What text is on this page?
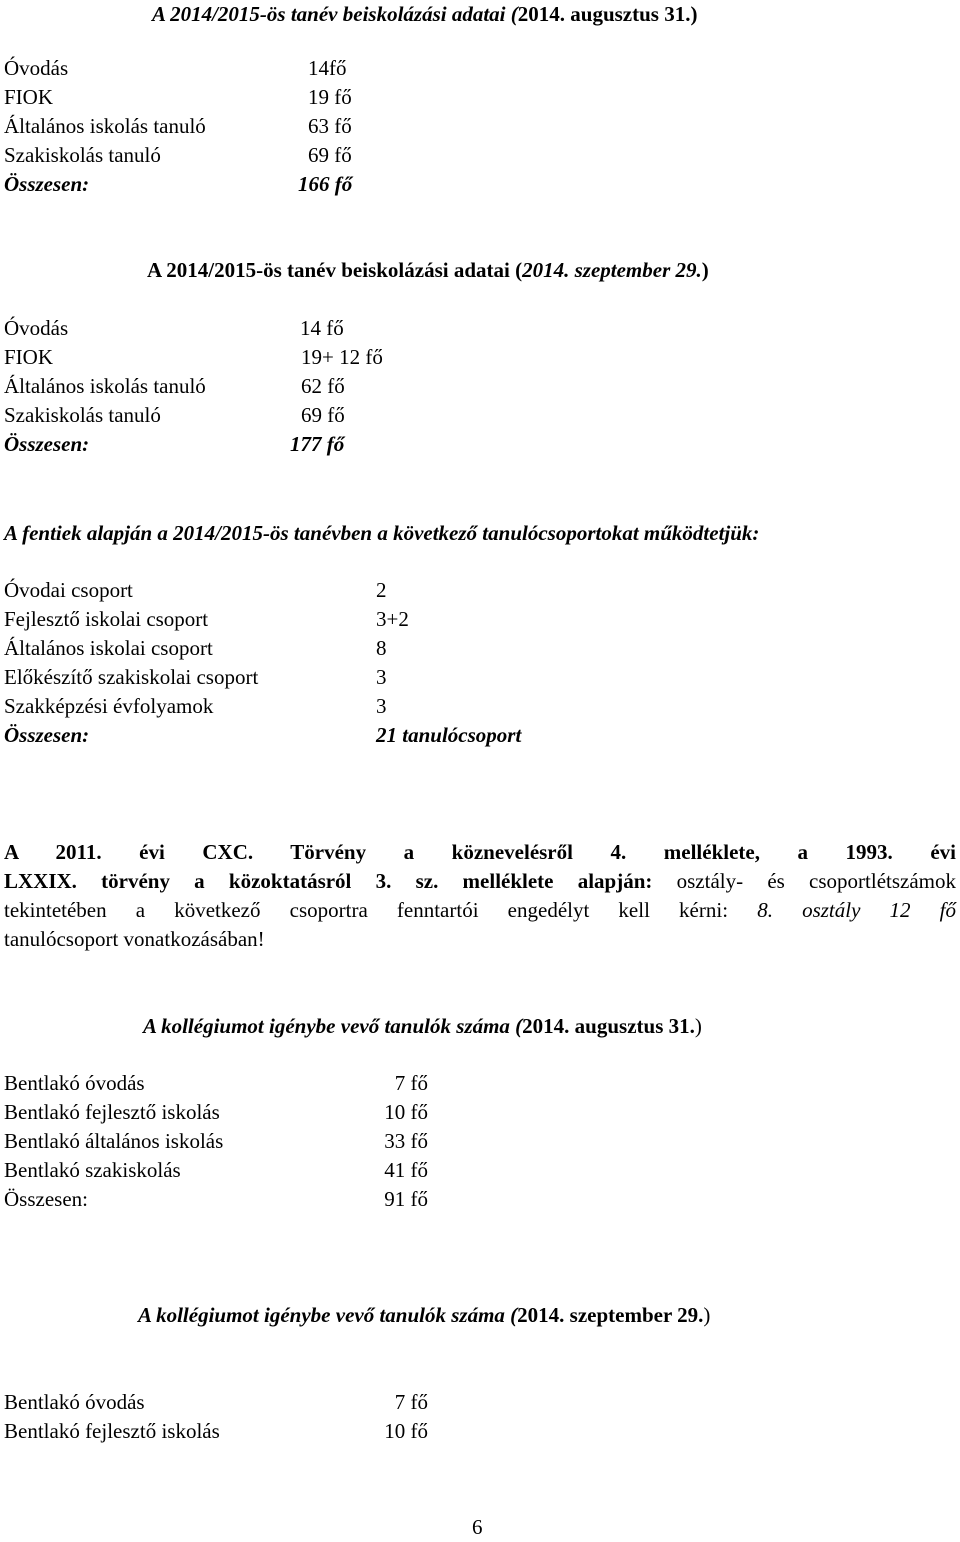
A 2014/2015-ös tanév beiskolázási adatai (2014. augusztus 31.)
Óvodás	14fő
FIOK	19 fő
Általános iskolás tanuló	63 fő
Szakiskolás tanuló	69 fő
Összesen:	166 fő
A 2014/2015-ös tanév beiskolázási adatai (2014. szeptember 29.)
Óvodás	14 fő
FIOK	19+ 12 fő
Általános iskolás tanuló	62 fő
Szakiskolás tanuló	69 fő
Összesen:	177 fő
A fentiek alapján a 2014/2015-ös tanévben a következő tanulócsoportokat működtetjük:
Óvodai csoport	2
Fejlesztő iskolai csoport	3+2
Általános iskolai csoport	8
Előkészítő szakiskolai csoport	3
Szakképzési évfolyamok	3
Összesen:	21 tanulócsoport
A 2011. évi CXC. Törvény a köznevelésről 4. melléklete, a 1993. évi
LXXIX. törvény a közoktatásról 3. sz. melléklete alapján: osztály- és csoportlétszámok
tekintetében a következő csoportra fenntartói engedélyt kell kérni: 8. osztály 12 fő
tanulócsoport vonatkozásában!
A kollégiumot igénybe vevő tanulók száma (2014. augusztus 31.)
Bentlakó óvodás	7 fő
Bentlakó fejlesztő iskolás	10 fő
Bentlakó általános iskolás	33 fő
Bentlakó szakiskolás	41 fő
Összesen:	91 fő
A kollégiumot igénybe vevő tanulók száma (2014. szeptember 29.)
Bentlakó óvodás	7 fő
Bentlakó fejlesztő iskolás	10 fő
6
